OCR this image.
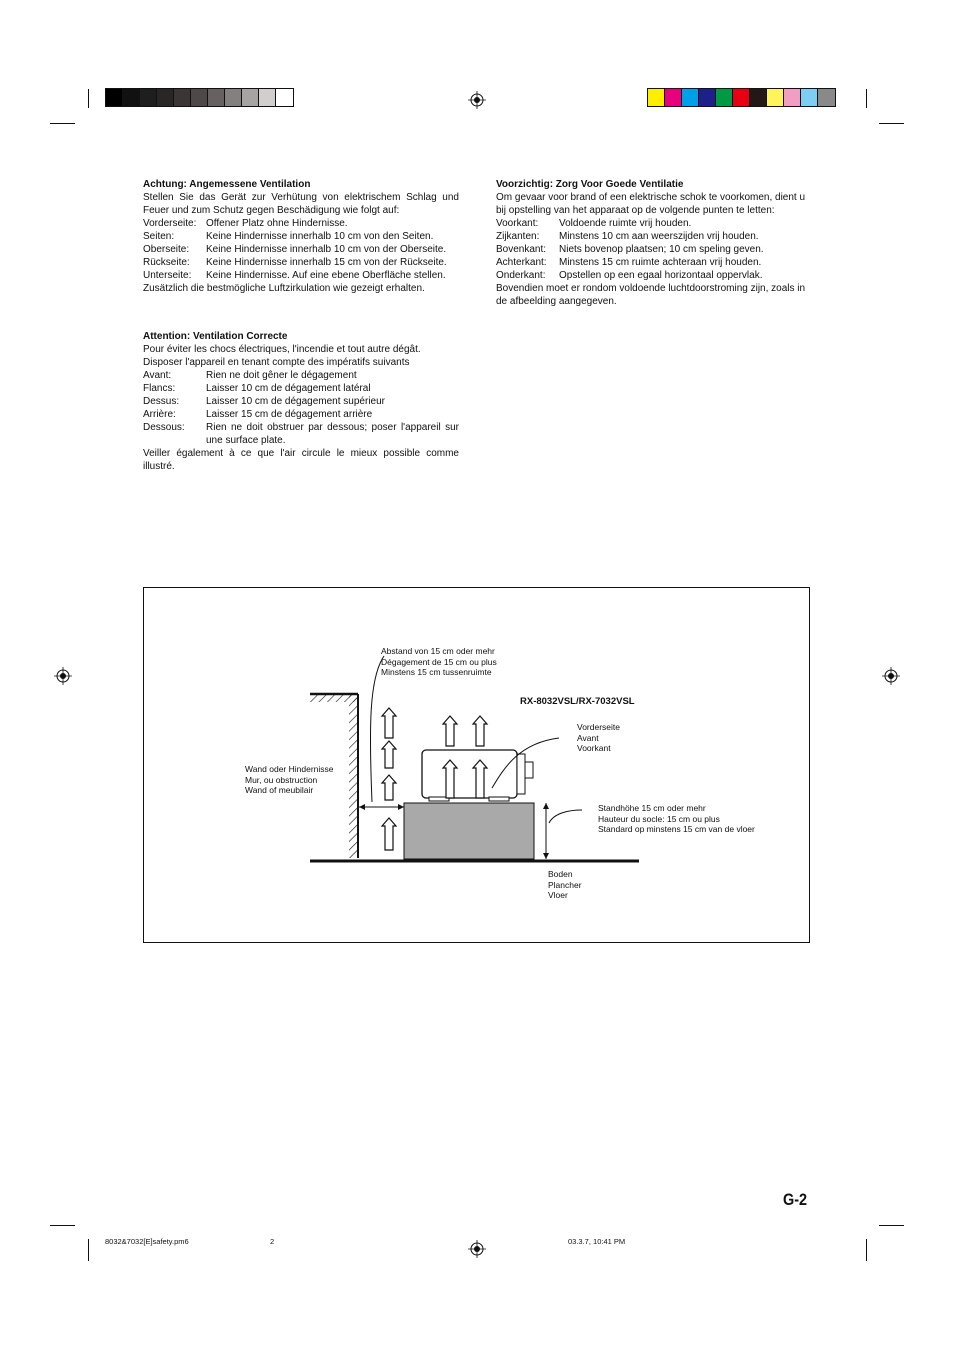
Achtung: Angemessene Ventilation

Stellen Sie das Gerät zur Verhütung von elektrischem Schlag und Feuer und zum Schutz gegen Beschädigung wie folgt auf:

Vorderseite: Offener Platz ohne Hindernisse.
Seiten:	Keine Hindernisse innerhalb 10 cm von den Seiten.
Oberseite:	Keine Hindernisse innerhalb 10 cm von der Oberseite.
Rückseite:	Keine Hindernisse innerhalb 15 cm von der Rückseite.
Unterseite:	Keine Hindernisse. Auf eine ebene Oberfläche stellen.

Zusätzlich die bestmögliche Luftzirkulation wie gezeigt erhalten.

Attention: Ventilation Correcte

Pour éviter les chocs électriques, l'incendie et tout autre dégât.

Disposer l'appareil en tenant compte des impératifs suivants

Avant:	Rien ne doit gêner le dégagement
Flancs:	Laisser 10 cm de dégagement latéral
Dessus:	Laisser 10 cm de dégagement supérieur
Arrière:	Laisser 15 cm de dégagement arrière
Dessous:	Rien ne doit obstruer par dessous; poser l'appareil sur une surface plate.

Veiller également à ce que l'air circule le mieux possible comme illustré.

Voorzichtig: Zorg Voor Goede Ventilatie

Om gevaar voor brand of een elektrische schok te voorkomen, dient u bij opstelling van het apparaat op de volgende punten te letten:

Voorkant:	Voldoende ruimte vrij houden.
Zijkanten:	Minstens 10 cm aan weerszijden vrij houden.
Bovenkant:	Niets bovenop plaatsen; 10 cm speling geven.
Achterkant:	Minstens 15 cm ruimte achteraan vrij houden.
Onderkant:	Opstellen op een egaal horizontaal oppervlak.

Bovendien moet er rondom voldoende luchtdoorstroming zijn, zoals in de afbeelding aangegeven.

Abstand von 15 cm oder mehr
Dégagement de 15 cm ou plus
Minstens 15 cm tussenruimte
RX-8032VSL/RX-7032VSL
Vorderseite
Avant
Voorkant
Wand oder Hindernisse
Mur, ou obstruction
Wand of meubilair
Standhöhe 15 cm oder mehr
Hauteur du socle: 15 cm ou plus
Standard op minstens 15 cm van de vloer
Boden
Plancher
Vloer
G-2
8032&7032[E]safety.pm6	2	03.3.7, 10:41 PM
